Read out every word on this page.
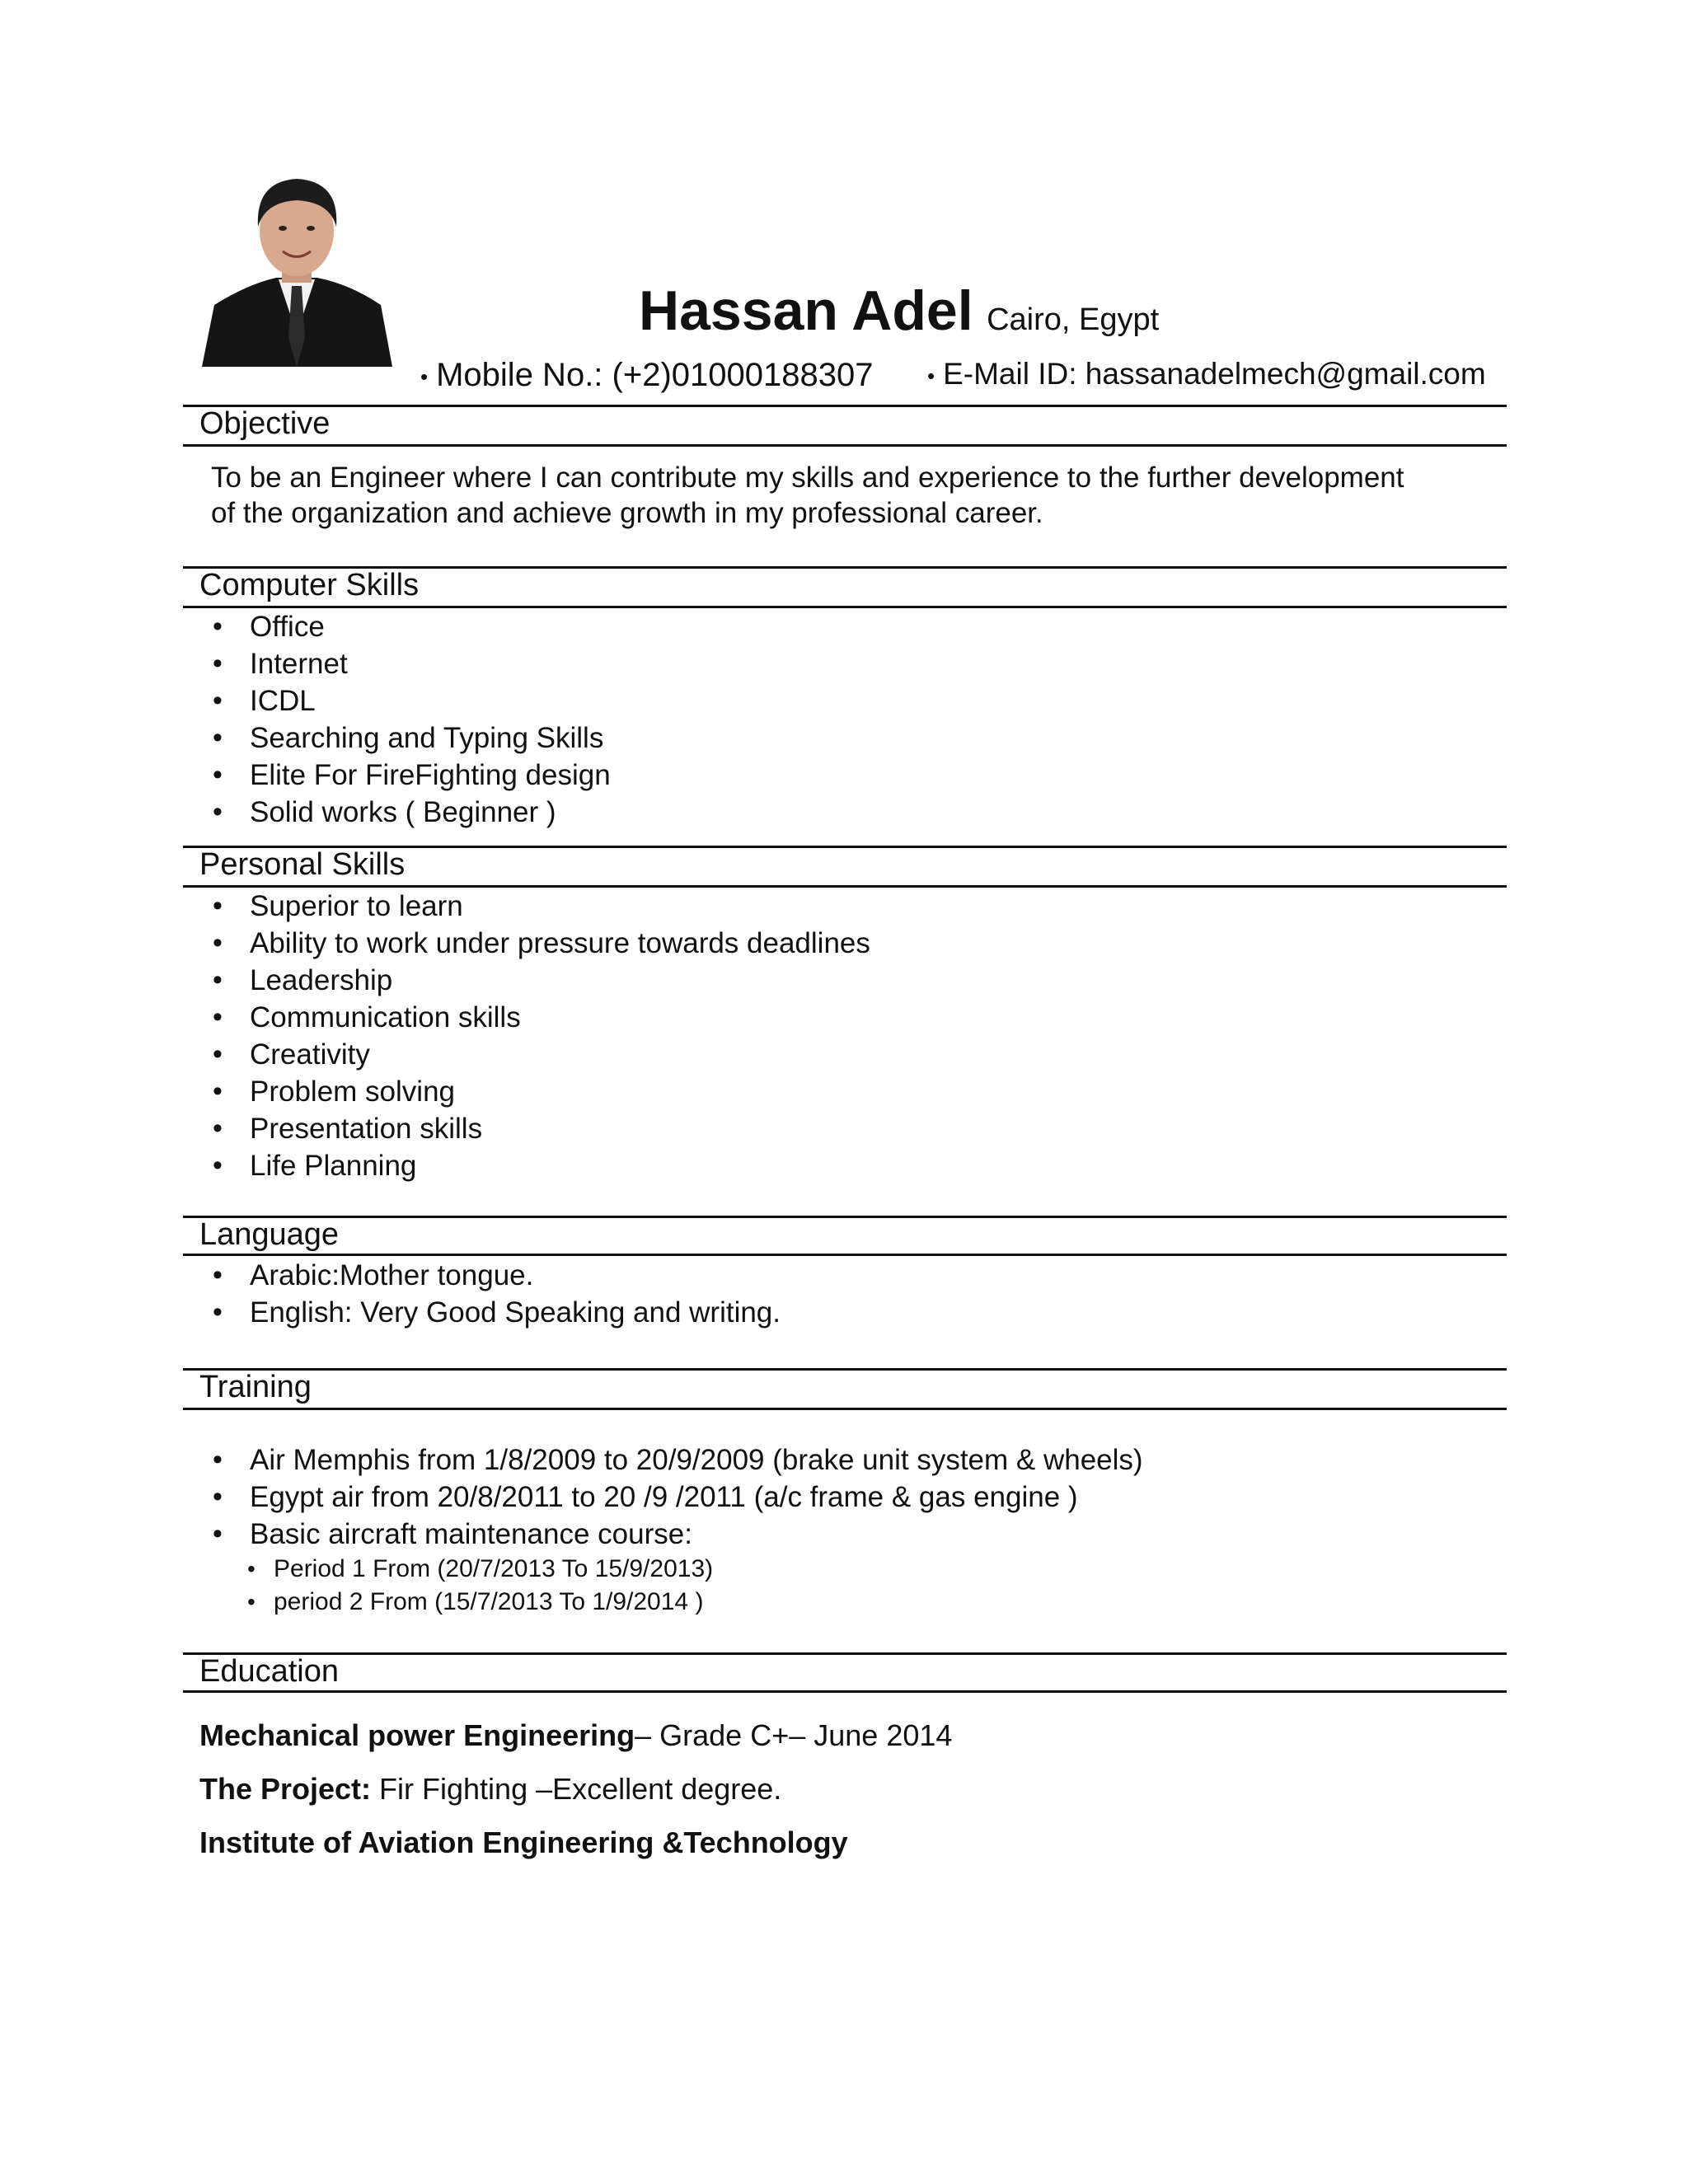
Hassan Adel Cairo, Egypt
• Mobile No.: (+2)01000188307	• E-Mail ID: hassanadelmech@gmail.com
Objective
To be an Engineer where I can contribute my skills and experience to the further development
of the organization and achieve growth in my professional career.
Computer Skills
• Office
• Internet
• ICDL
• Searching and Typing Skills
• Elite For FireFighting design
• Solid works ( Beginner )
Personal Skills
• Superior to learn
• Ability to work under pressure towards deadlines
• Leadership
• Communication skills
• Creativity
• Problem solving
• Presentation skills
• Life Planning
Language
• Arabic:Mother tongue.
• English: Very Good Speaking and writing.
Training
• Air Memphis from 1/8/2009 to 20/9/2009 (brake unit system & wheels)
• Egypt air from 20/8/2011 to 20 /9 /2011 (a/c frame & gas engine )
• Basic aircraft maintenance course:
• Period 1 From (20/7/2013 To 15/9/2013)
• period 2 From (15/7/2013 To 1/9/2014 )
Education
Mechanical power Engineering– Grade C+– June 2014
The Project: Fir Fighting –Excellent degree.
Institute of Aviation Engineering &Technology
